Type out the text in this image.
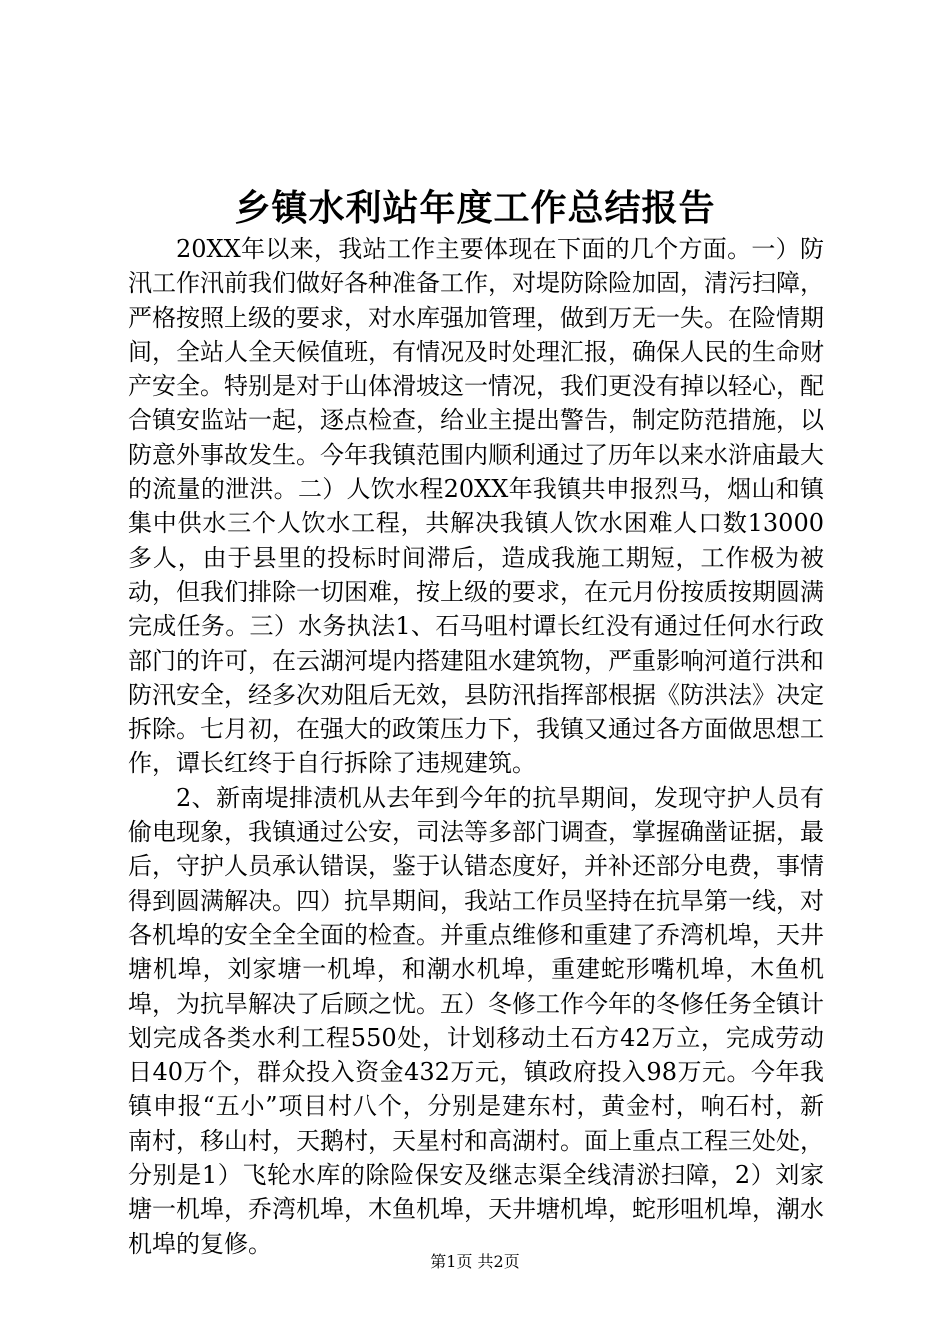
乡镇水利站年度工作总结报告

20XX年以来，我站工作主要体现在下面的几个方面。一）防汛工作汛前我们做好各种准备工作，对堤防除险加固，清污扫障，严格按照上级的要求，对水库强加管理，做到万无一失。在险情期间，全站人全天候值班，有情况及时处理汇报，确保人民的生命财产安全。特别是对于山体滑坡这一情况，我们更没有掉以轻心，配合镇安监站一起，逐点检查，给业主提出警告，制定防范措施，以防意外事故发生。今年我镇范围内顺利通过了历年以来水浒庙最大的流量的泄洪。二）人饮水程20XX年我镇共申报烈马，烟山和镇集中供水三个人饮水工程，共解决我镇人饮水困难人口数13000多人，由于县里的投标时间滞后，造成我施工期短，工作极为被动，但我们排除一切困难，按上级的要求，在元月份按质按期圆满完成任务。三）水务执法1、石马咀村谭长红没有通过任何水行政部门的许可，在云湖河堤内搭建阻水建筑物，严重影响河道行洪和防汛安全，经多次劝阻后无效，县防汛指挥部根据《防洪法》决定拆除。七月初，在强大的政策压力下，我镇又通过各方面做思想工作，谭长红终于自行拆除了违规建筑。

2、新南堤排渍机从去年到今年的抗旱期间，发现守护人员有偷电现象，我镇通过公安，司法等多部门调查，掌握确凿证据，最后，守护人员承认错误，鉴于认错态度好，并补还部分电费，事情得到圆满解决。四）抗旱期间，我站工作员坚持在抗旱第一线，对各机埠的安全全全面的检查。并重点维修和重建了乔湾机埠，天井塘机埠，刘家塘一机埠，和潮水机埠，重建蛇形嘴机埠，木鱼机埠，为抗旱解决了后顾之忧。五）冬修工作今年的冬修任务全镇计划完成各类水利工程550处，计划移动土石方42万立，完成劳动日40万个，群众投入资金432万元，镇政府投入98万元。今年我镇申报“五小”项目村八个，分别是建东村，黄金村，响石村，新南村，移山村，天鹅村，天星村和高湖村。面上重点工程三处处，分别是1）飞轮水库的除险保安及继志渠全线清淤扫障，2）刘家塘一机埠，乔湾机埠，木鱼机埠，天井塘机埠，蛇形咀机埠，潮水机埠的复修。

第1页 共2页
